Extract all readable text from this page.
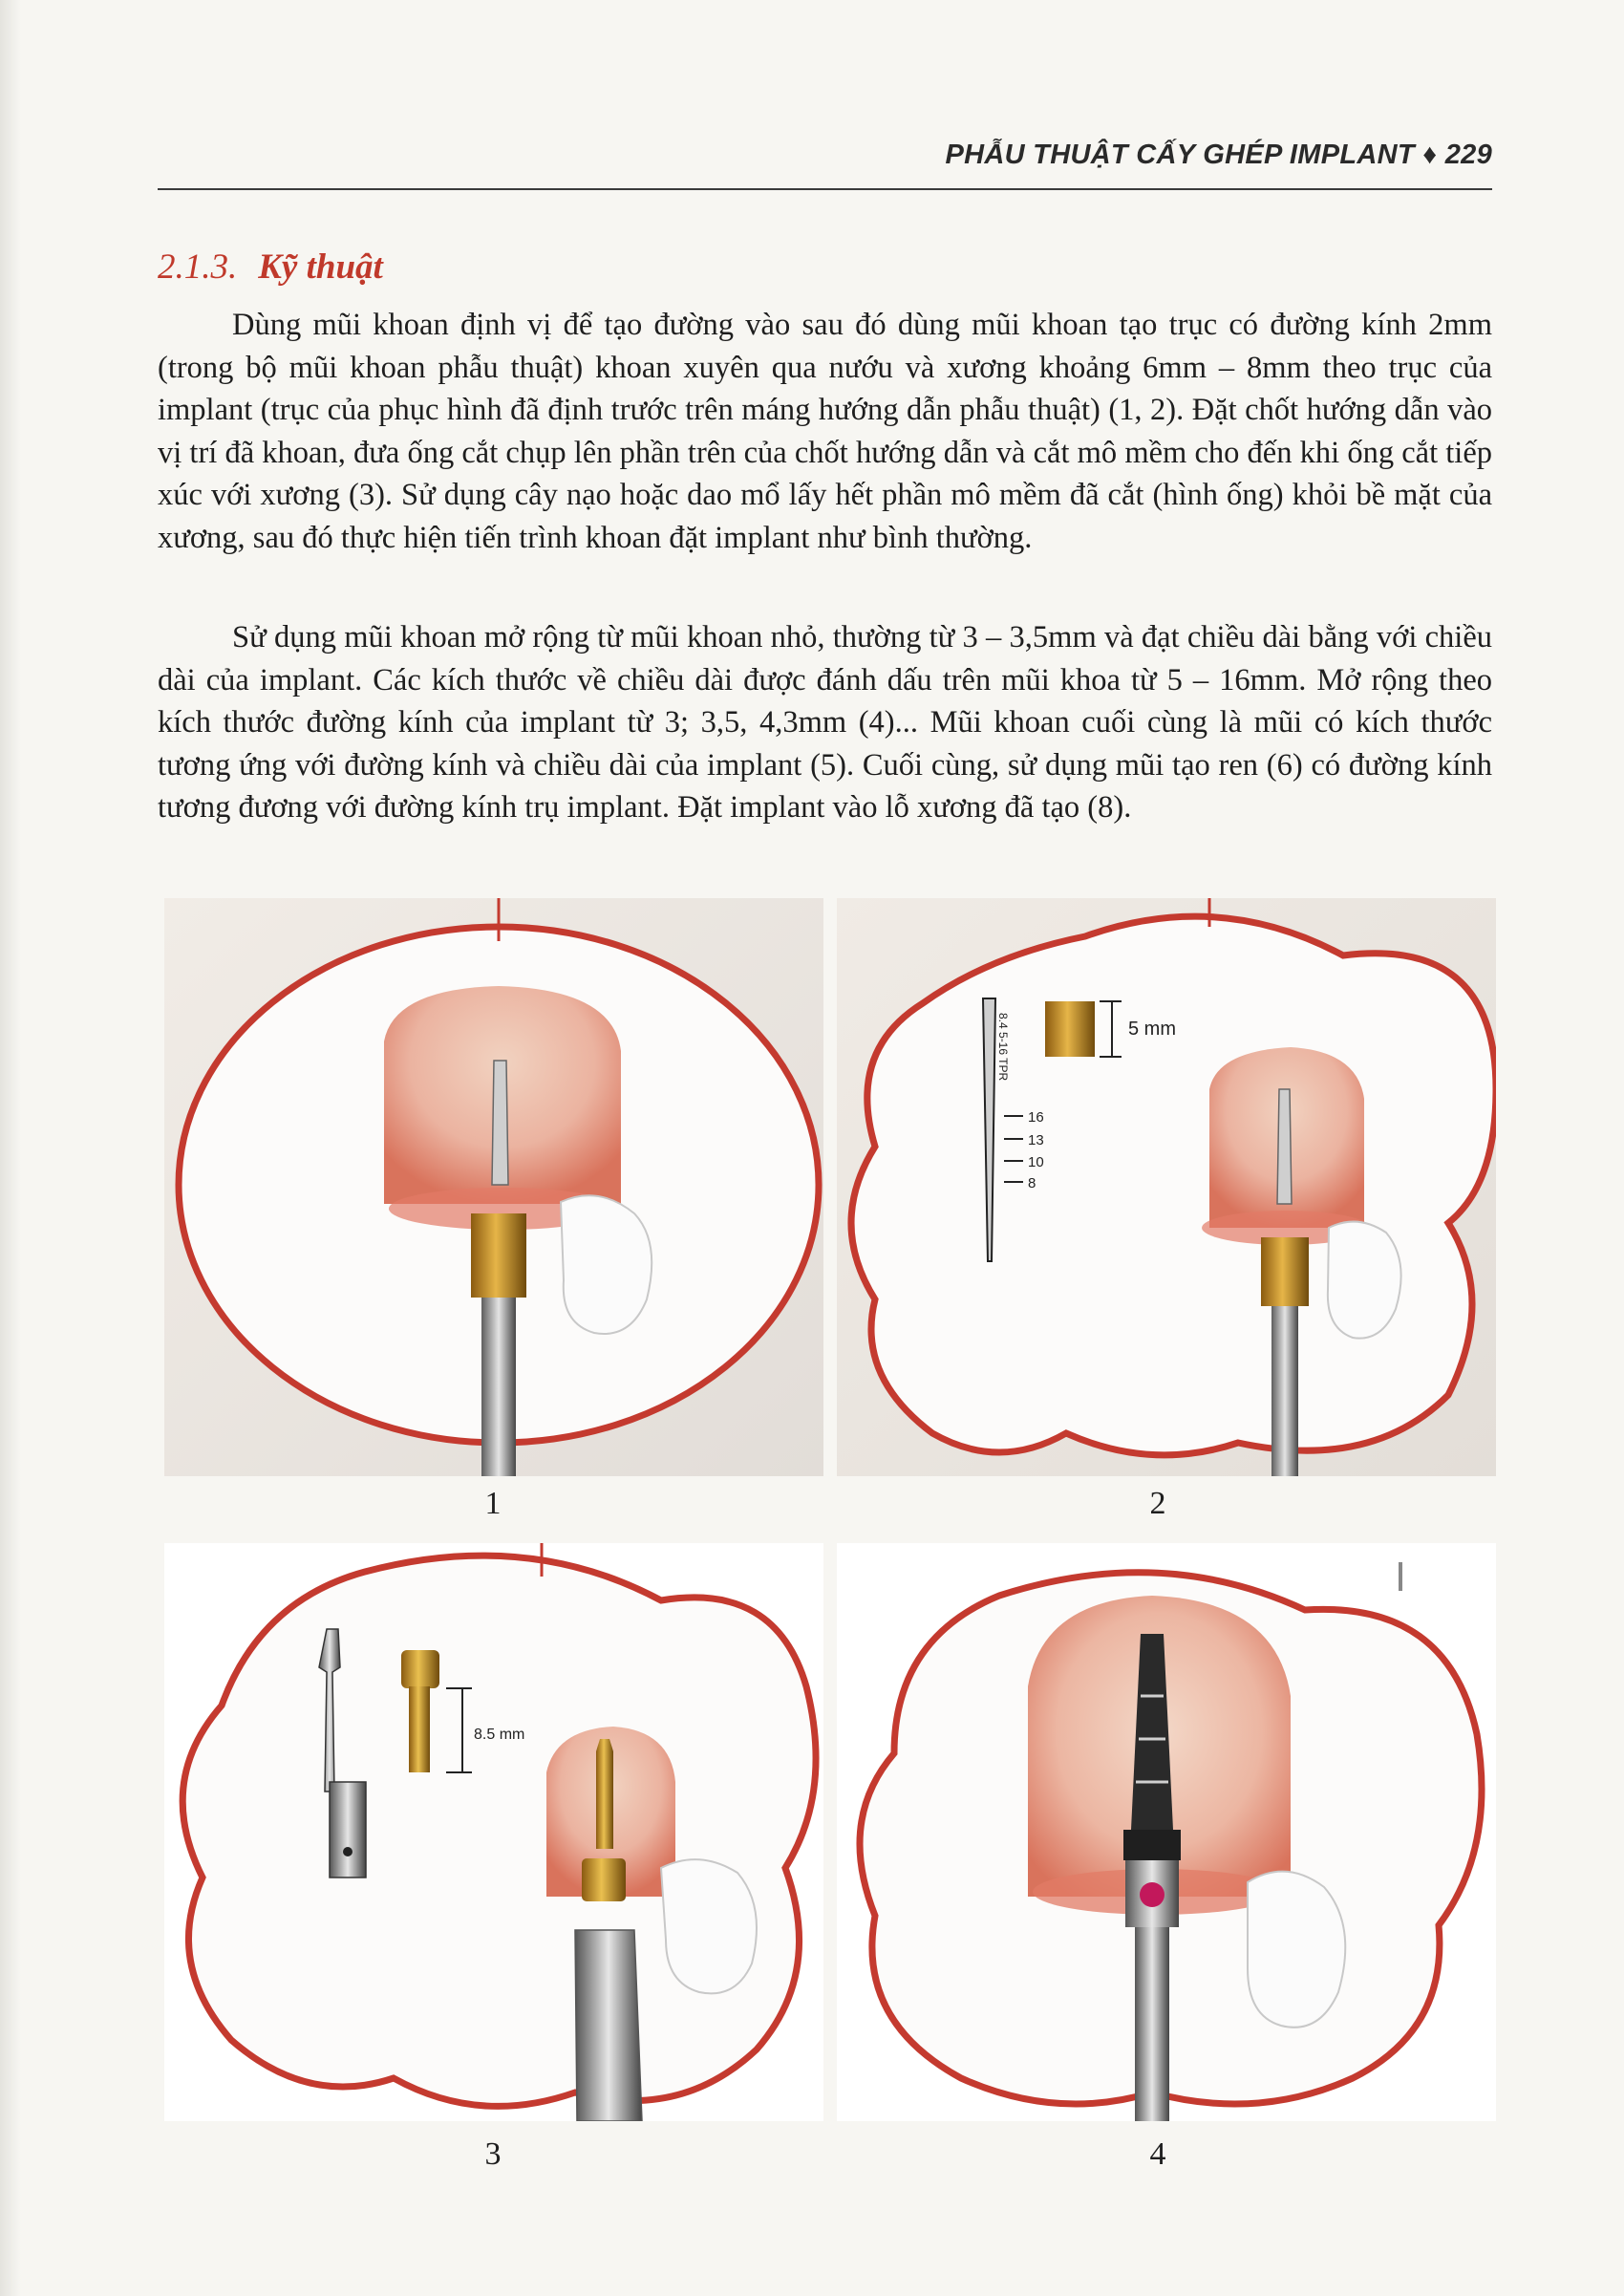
PHẪU THUẬT CẤY GHÉP IMPLANT ♦ 229
2.1.3. Kỹ thuật

Dùng mũi khoan định vị để tạo đường vào sau đó dùng mũi khoan tạo trục có đường kính 2mm (trong bộ mũi khoan phẫu thuật) khoan xuyên qua nướu và xương khoảng 6mm – 8mm theo trục của implant (trục của phục hình đã định trước trên máng hướng dẫn phẫu thuật) (1, 2). Đặt chốt hướng dẫn vào vị trí đã khoan, đưa ống cắt chụp lên phần trên của chốt hướng dẫn và cắt mô mềm cho đến khi ống cắt tiếp xúc với xương (3). Sử dụng cây nạo hoặc dao mổ lấy hết phần mô mềm đã cắt (hình ống) khỏi bề mặt của xương, sau đó thực hiện tiến trình khoan đặt implant như bình thường.

Sử dụng mũi khoan mở rộng từ mũi khoan nhỏ, thường từ 3 – 3,5mm và đạt chiều dài bằng với chiều dài của implant. Các kích thước về chiều dài được đánh dấu trên mũi khoa từ 5 – 16mm. Mở rộng theo kích thước đường kính của implant từ 3; 3,5, 4,3mm (4)... Mũi khoan cuối cùng là mũi có kích thước tương ứng với đường kính và chiều dài của implant (5). Cuối cùng, sử dụng mũi tạo ren (6) có đường kính tương đương với đường kính trụ implant. Đặt implant vào lỗ xương đã tạo (8).

1
8.4 5-16 TPR
16
13
10
8
5 mm
2
8.5 mm
3	4
